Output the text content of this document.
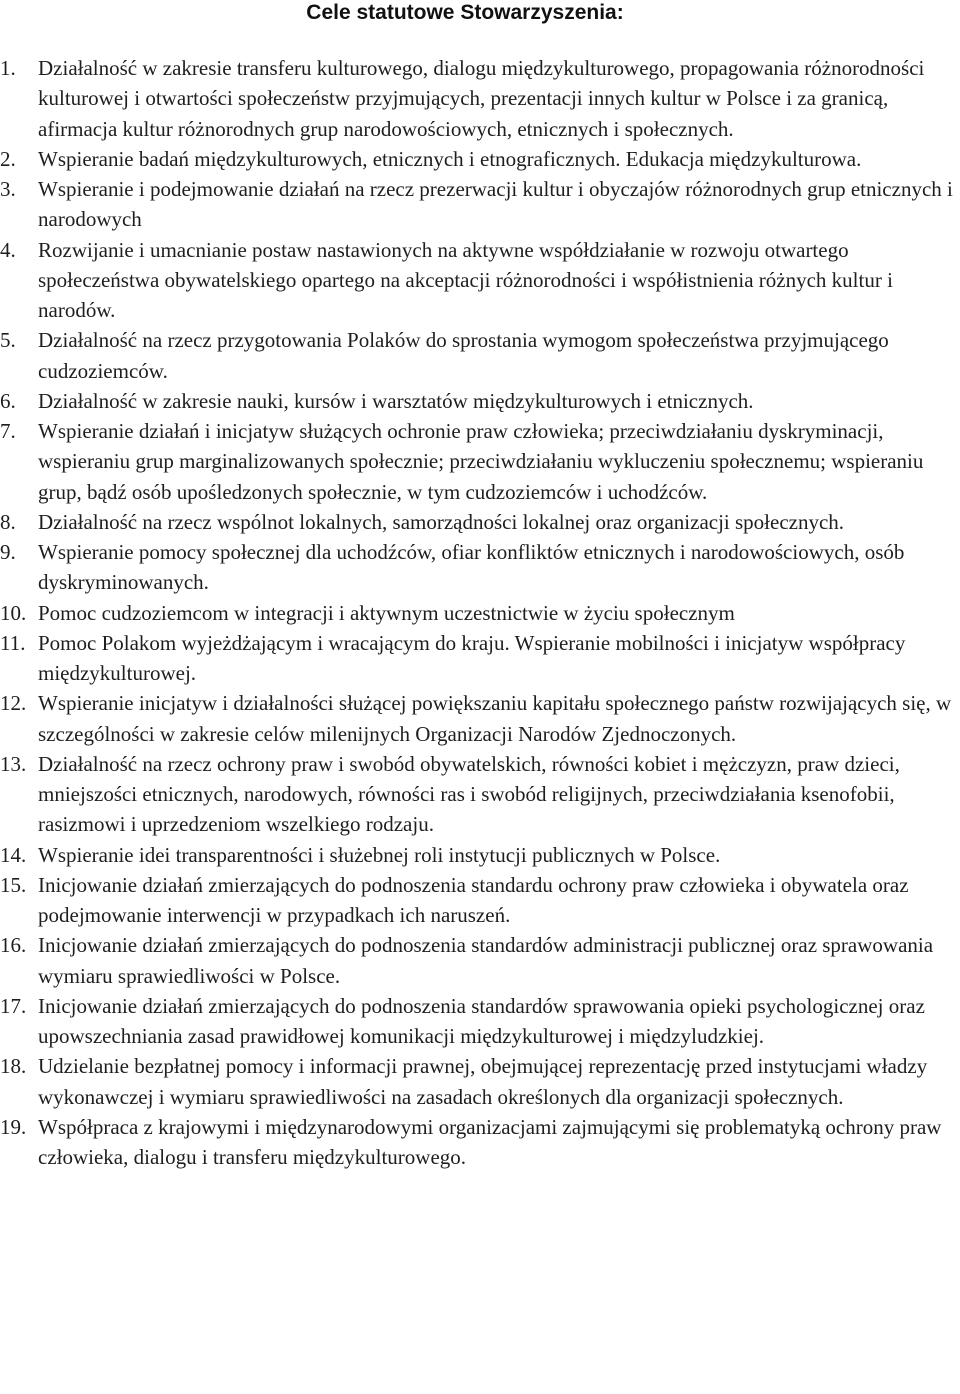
Cele statutowe Stowarzyszenia:
1.	Działalność w zakresie transferu kulturowego, dialogu międzykulturowego, propagowania różnorodności kulturowej i otwartości społeczeństw przyjmujących, prezentacji innych kultur w Polsce i za granicą, afirmacja kultur różnorodnych grup narodowościowych, etnicznych i społecznych.
2.	Wspieranie badań międzykulturowych, etnicznych i etnograficznych. Edukacja międzykulturowa.
3.	Wspieranie i podejmowanie działań na rzecz prezerwacji kultur i obyczajów różnorodnych grup etnicznych i narodowych
4.	Rozwijanie i umacnianie postaw nastawionych na aktywne współdziałanie w rozwoju otwartego społeczeństwa obywatelskiego opartego na akceptacji różnorodności i współistnienia różnych kultur i narodów.
5.	Działalność na rzecz przygotowania Polaków do sprostania wymogom społeczeństwa przyjmującego cudzoziemców.
6.	Działalność w zakresie nauki, kursów i warsztatów międzykulturowych i etnicznych.
7.	Wspieranie działań i inicjatyw służących ochronie praw człowieka; przeciwdziałaniu dyskryminacji, wspieraniu grup marginalizowanych społecznie; przeciwdziałaniu wykluczeniu społecznemu; wspieraniu grup, bądź osób upośledzonych społecznie, w tym cudzoziemców i uchodźców.
8.	Działalność na rzecz wspólnot lokalnych, samorządności lokalnej oraz organizacji społecznych.
9.	Wspieranie pomocy społecznej dla uchodźców, ofiar konfliktów etnicznych i narodowościowych, osób dyskryminowanych.
10. Pomoc cudzoziemcom w integracji i aktywnym uczestnictwie w życiu społecznym
11. Pomoc Polakom wyjeżdżającym i wracającym do kraju. Wspieranie mobilności i inicjatyw współpracy międzykulturowej.
12. Wspieranie inicjatyw i działalności służącej powiększaniu kapitału społecznego państw rozwijających się, w szczególności w zakresie celów milenijnych Organizacji Narodów Zjednoczonych.
13. Działalność na rzecz ochrony praw i swobód obywatelskich, równości kobiet i mężczyzn, praw dzieci, mniejszości etnicznych, narodowych, równości ras i swobód religijnych, przeciwdziałania ksenofobii, rasizmowi i uprzedzeniom wszelkiego rodzaju.
14. Wspieranie idei transparentności i służebnej roli instytucji publicznych w Polsce.
15. Inicjowanie działań zmierzających do podnoszenia standardu ochrony praw człowieka i obywatela oraz podejmowanie interwencji w przypadkach ich naruszeń.
16. Inicjowanie działań zmierzających do podnoszenia standardów administracji publicznej oraz sprawowania wymiaru sprawiedliwości w Polsce.
17. Inicjowanie działań zmierzających do podnoszenia standardów sprawowania opieki psychologicznej oraz upowszechniania zasad prawidłowej komunikacji międzykulturowej i międzyludzkiej.
18. Udzielanie bezpłatnej pomocy i informacji prawnej, obejmującej reprezentację przed instytucjami władzy wykonawczej i wymiaru sprawiedliwości na zasadach określonych dla organizacji społecznych.
19. Współpraca z krajowymi i międzynarodowymi organizacjami zajmującymi się problematyką ochrony praw człowieka, dialogu i transferu międzykulturowego.
